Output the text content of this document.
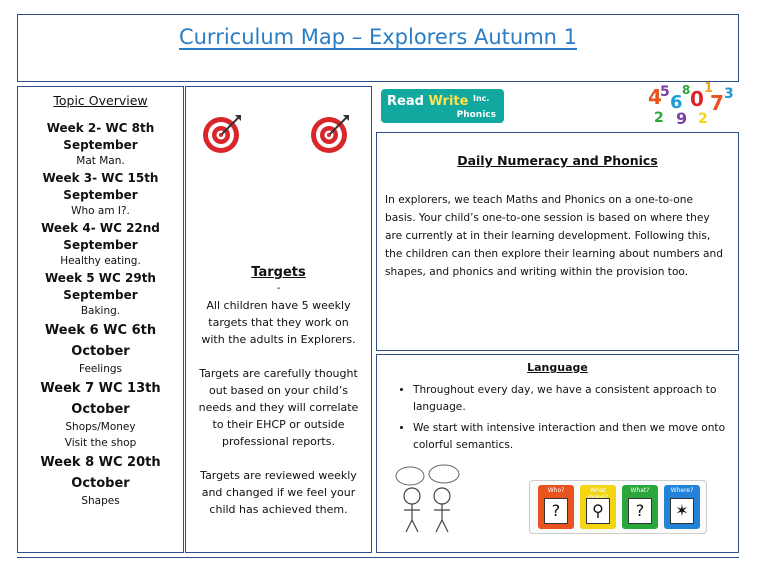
Curriculum Map – Explorers Autumn 1
Topic Overview
Week 2- WC 8th September
Mat Man.
Week 3- WC 15th September
Who am I?.
Week 4- WC 22nd September
Healthy eating.
Week 5 WC 29th September
Baking.
Week 6 WC 6th October
Feelings
Week 7 WC 13th October
Shops/Money
Visit the shop
Week 8 WC 20th October
Shapes
Targets
-

All children have 5 weekly targets that they work on with the adults in Explorers.

Targets are carefully thought out based on your child’s needs and they will correlate to their EHCP or outside professional reports.

Targets are reviewed weekly and changed if we feel your child has achieved them.

Read Write $^{Inc.}$
Phonics
4
5 6
8 0 1
7 3
2 9 2
Daily Numeracy and Phonics

In explorers, we teach Maths and Phonics on a one-to-one basis. Your child’s one-to-one session is based on where they are currently at in their learning development. Following this, the children can then explore their learning about numbers and shapes, and phonics and writing within the provision too.

Language
• Throughout every day, we have a consistent approach to language.
• We start with intensive interaction and then we move onto colorful semantics.
Who?
?
What
⚲
What?
?
Where?
✶
